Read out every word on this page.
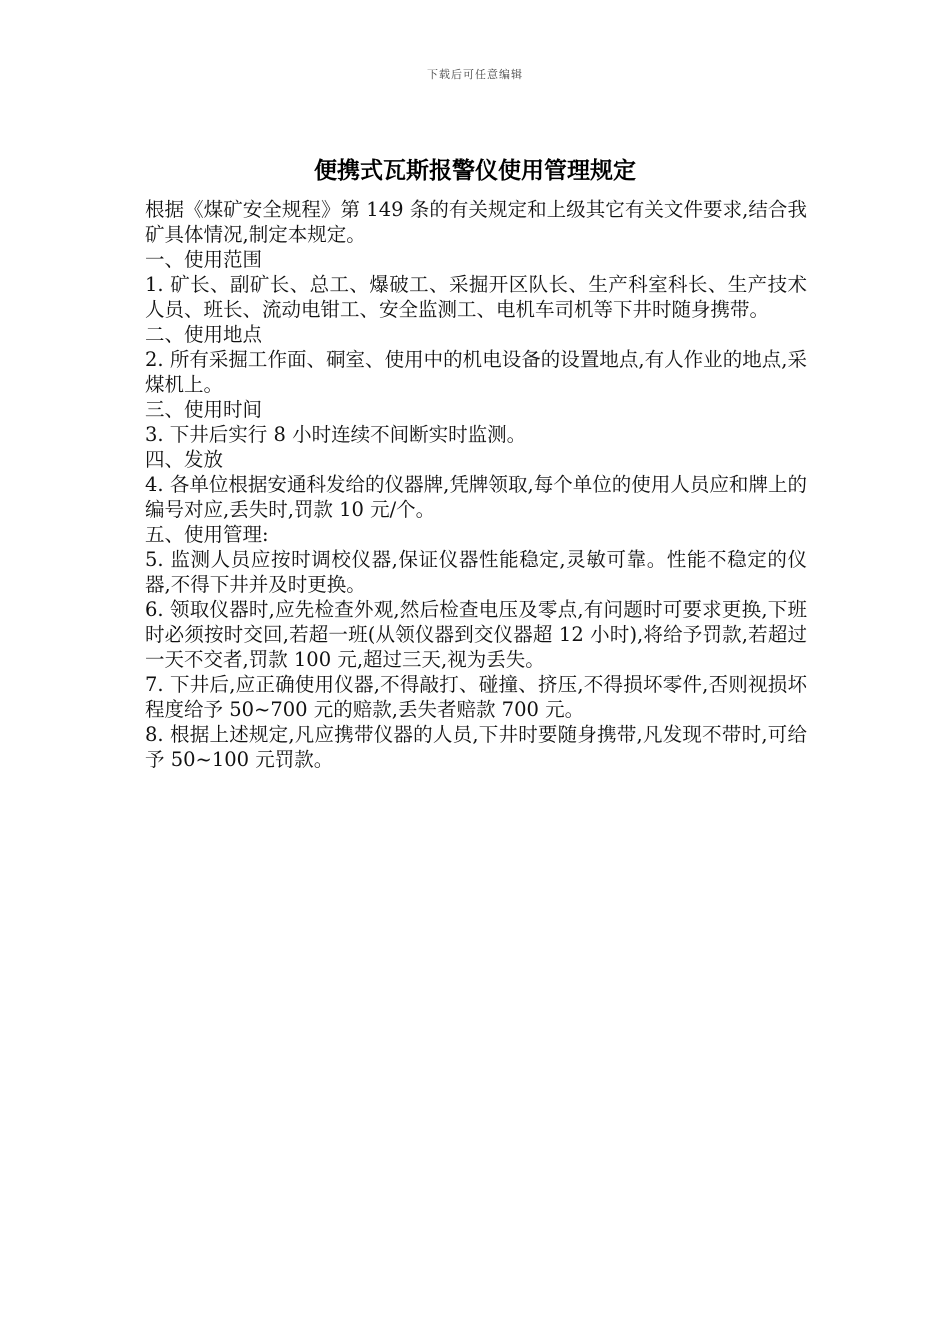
下载后可任意编辑
便携式瓦斯报警仪使用管理规定

根据《煤矿安全规程》第 149 条的有关规定和上级其它有关文件要求,结合我矿具体情况,制定本规定。

一、使用范围

1. 矿长、副矿长、总工、爆破工、采掘开区队长、生产科室科长、生产技术人员、班长、流动电钳工、安全监测工、电机车司机等下井时随身携带。

二、使用地点

2. 所有采掘工作面、硐室、使用中的机电设备的设置地点,有人作业的地点,采煤机上。

三、使用时间

3. 下井后实行 8 小时连续不间断实时监测。

四、发放

4. 各单位根据安通科发给的仪器牌,凭牌领取,每个单位的使用人员应和牌上的编号对应,丢失时,罚款 10 元/个。

五、使用管理:

5. 监测人员应按时调校仪器,保证仪器性能稳定,灵敏可靠。性能不稳定的仪器,不得下井并及时更换。

6. 领取仪器时,应先检查外观,然后检查电压及零点,有问题时可要求更换,下班时必须按时交回,若超一班(从领仪器到交仪器超 12 小时),将给予罚款,若超过一天不交者,罚款 100 元,超过三天,视为丢失。

7. 下井后,应正确使用仪器,不得敲打、碰撞、挤压,不得损坏零件,否则视损坏程度给予 50~700 元的赔款,丢失者赔款 700 元。

8. 根据上述规定,凡应携带仪器的人员,下井时要随身携带,凡发现不带时,可给予 50~100 元罚款。
